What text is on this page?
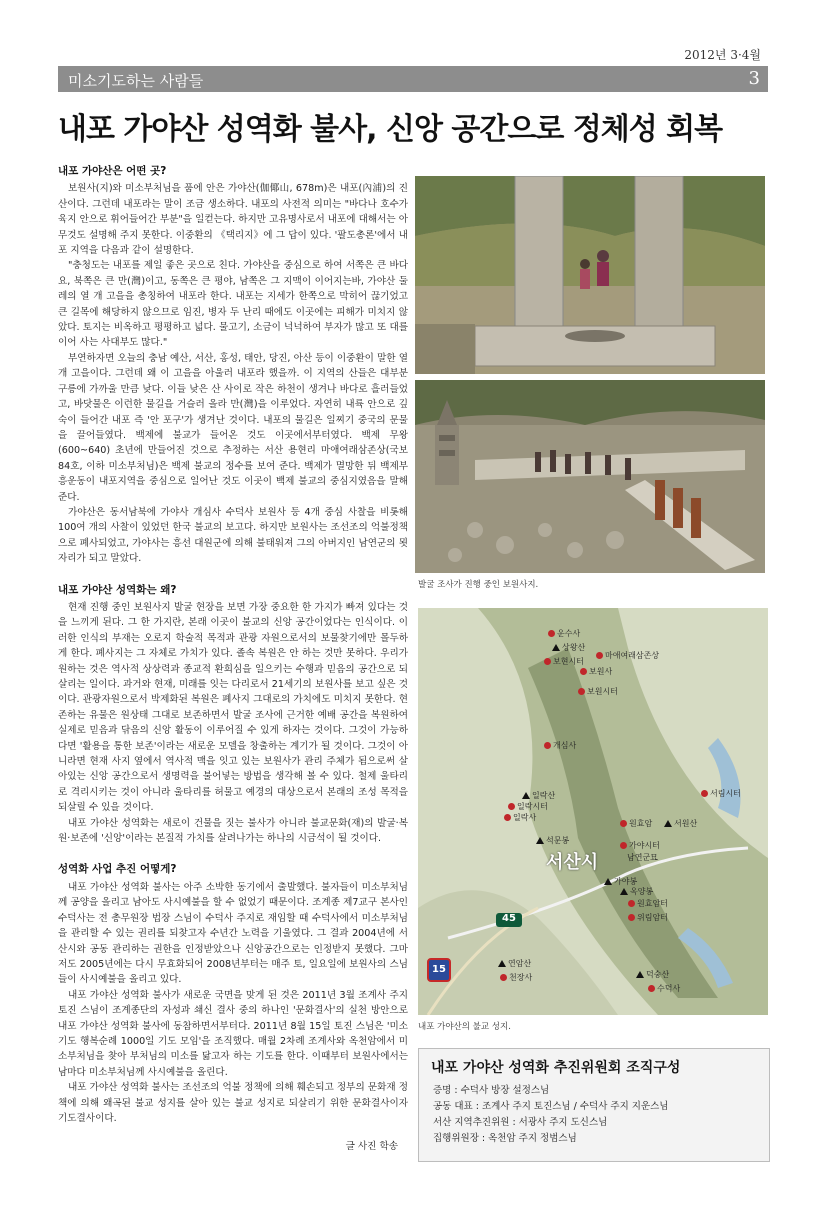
2012년 3·4월
미소기도하는 사람들	3
내포 가야산 성역화 불사, 신앙 공간으로 정체성 회복
내포 가야산은 어떤 곳?

보원사(지)와 미소부처님을 품에 안은 가야산(伽倻山, 678m)은 내포(內浦)의 진산이다. 그런데 내포라는 말이 조금 생소하다. 내포의 사전적 의미는 "바다나 호수가 육지 안으로 휘어들어간 부분"을 일컫는다. 하지만 고유명사로서 내포에 대해서는 아무것도 설명해 주지 못한다. 이중환의 《택리지》에 그 답이 있다. '팔도총론'에서 내포 지역을 다음과 같이 설명한다.

"충청도는 내포를 제일 좋은 곳으로 친다. 가야산을 중심으로 하여 서쪽은 큰 바다요, 북쪽은 큰 만(灣)이고, 동쪽은 큰 평야, 남쪽은 그 지맥이 이어지는바, 가야산 둘레의 열 개 고을을 총칭하여 내포라 한다. 내포는 지세가 한쪽으로 막히어 끊기었고 큰 길목에 해당하지 않으므로 임진, 병자 두 난리 때에도 이곳에는 피해가 미치지 않았다. 토지는 비옥하고 평평하고 넓다. 물고기, 소금이 넉넉하여 부자가 많고 또 대를 이어 사는 사대부도 많다."

부연하자면 오늘의 충남 예산, 서산, 홍성, 태안, 당진, 아산 등이 이중환이 말한 열 개 고을이다. 그런데 왜 이 고을을 아울러 내포라 했을까. 이 지역의 산들은 대부분 구릉에 가까울 만큼 낮다. 이들 낮은 산 사이로 작은 하천이 생겨나 바다로 흘러들었고, 바닷물은 이런한 물길을 거슬러 올라 만(灣)을 이루었다. 자연히 내륙 안으로 깊숙이 들어간 내포 즉 '안 포구'가 생겨난 것이다. 내포의 물길은 일찌기 중국의 문물을 끌어들였다. 백제에 불교가 들어온 것도 이곳에서부터였다. 백제 무왕(600~640) 초년에 만들어진 것으로 추정하는 서산 용현리 마애여래삼존상(국보 84호, 이하 미소부처님)은 백제 불교의 정수를 보여 준다. 백제가 멸망한 뒤 백제부흥운동이 내포지역을 중심으로 일어난 것도 이곳이 백제 불교의 중심지였음을 말해준다.

가야산은 동서남북에 가야사 개심사 수덕사 보원사 등 4개 중심 사찰을 비롯해 100여 개의 사찰이 있었던 한국 불교의 보고다. 하지만 보원사는 조선조의 억불정책으로 폐사되었고, 가야사는 흥선 대원군에 의해 불태워져 그의 아버지인 남연군의 묏자리가 되고 말았다.

내포 가야산 성역화는 왜?

현재 진행 중인 보원사지 발굴 현장을 보면 가장 중요한 한 가지가 빠져 있다는 것을 느끼게 된다. 그 한 가지란, 본래 이곳이 불교의 신앙 공간이었다는 인식이다. 이러한 인식의 부재는 오로지 학술적 목적과 관광 자원으로서의 보물찾기에만 몰두하게 한다. 폐사지는 그 자체로 가치가 있다. 졸속 복원은 안 하는 것만 못하다. 우리가 원하는 것은 역사적 상상력과 종교적 환희심을 일으키는 수행과 믿음의 공간으로 되살리는 일이다. 과거와 현재, 미래를 잇는 다리로서 21세기의 보원사를 보고 싶은 것이다. 관광자원으로서 박제화된 복원은 폐사지 그대로의 가치에도 미치지 못한다. 현존하는 유물은 원상태 그대로 보존하면서 발굴 조사에 근거한 예배 공간을 복원하여 실제로 믿음과 닦음의 신앙 활동이 이루어질 수 있게 하자는 것이다. 그것이 가능하다면 '활용을 통한 보존'이라는 새로운 모델을 창출하는 계기가 될 것이다. 그것이 아니라면 현재 사지 옆에서 역사적 맥을 잇고 있는 보원사가 관리 주체가 됨으로써 살아있는 신앙 공간으로서 생명력을 불어넣는 방법을 생각해 볼 수 있다. 철제 울타리로 격리시키는 것이 아니라 울타리를 허물고 예경의 대상으로서 본래의 조성 목적을 되살릴 수 있을 것이다.

내포 가야산 성역화는 새로이 건물을 짓는 불사가 아니라 불교문화(재)의 발굴·복원·보존에 '신앙'이라는 본질적 가치를 살려나가는 하나의 시금석이 될 것이다.

성역화 사업 추진 어떻게?

내포 가야산 성역화 불사는 아주 소박한 동기에서 출발했다. 불자들이 미소부처님께 공양을 올리고 남아도 사시예불을 할 수 없었기 때문이다. 조계종 제7교구 본사인 수덕사는 전 총무원장 법장 스님이 수덕사 주지로 재임할 때 수덕사에서 미소부처님을 관리할 수 있는 권리를 되찾고자 수년간 노력을 기울였다. 그 결과 2004년에 서산시와 공동 관리하는 권한을 인정받았으나 신앙공간으로는 인정받지 못했다. 그마저도 2005년에는 다시 무효화되어 2008년부터는 매주 토, 일요일에 보원사의 스님들이 사시예불을 올리고 있다.

내포 가야산 성역화 불사가 새로운 국면을 맞게 된 것은 2011년 3월 조계사 주지 토진 스님이 조계종단의 자성과 쇄신 결사 중의 하나인 '문화결사'의 실천 방안으로 내포 가야산 성역화 불사에 동참하면서부터다. 2011년 8월 15일 토진 스님은 '미소기도 행복순례 1000일 기도 모임'을 조직했다. 매월 2차례 조계사와 옥천암에서 미소부처님을 찾아 부처님의 미소를 닮고자 하는 기도를 한다. 이때부터 보원사에서는 남마다 미소부처님께 사시예불을 올린다.

내포 가야산 성역화 불사는 조선조의 억불 정책에 의해 훼손되고 정부의 문화재 정책에 의해 왜곡된 불교 성지를 살아 있는 불교 성지로 되살리기 위한 문화결사이자 기도결사이다.

글 사진 학송
발굴 조사가 진행 중인 보원사지.
45
15
서산시
운수사
보현시터
보원사
보원시터
개심사
일락시터
일락사
원효암
가야시터
남연군묘
서림시터
원효암터
위림암터
천장사
수덕사
마애여래삼존상
상왕산
일락산
석문봉
가야봉
서원산
옥양봉
연암산
덕숭산
내포 가야산의 불교 성지.
내포 가야산 성역화 추진위원회 조직구성
증명 : 수덕사 방장 설정스님
공동 대표 : 조계사 주지 토진스님 / 수덕사 주지 지운스님
서산 지역추진위원 : 서광사 주지 도신스님
집행위원장 : 옥천암 주지 정범스님
